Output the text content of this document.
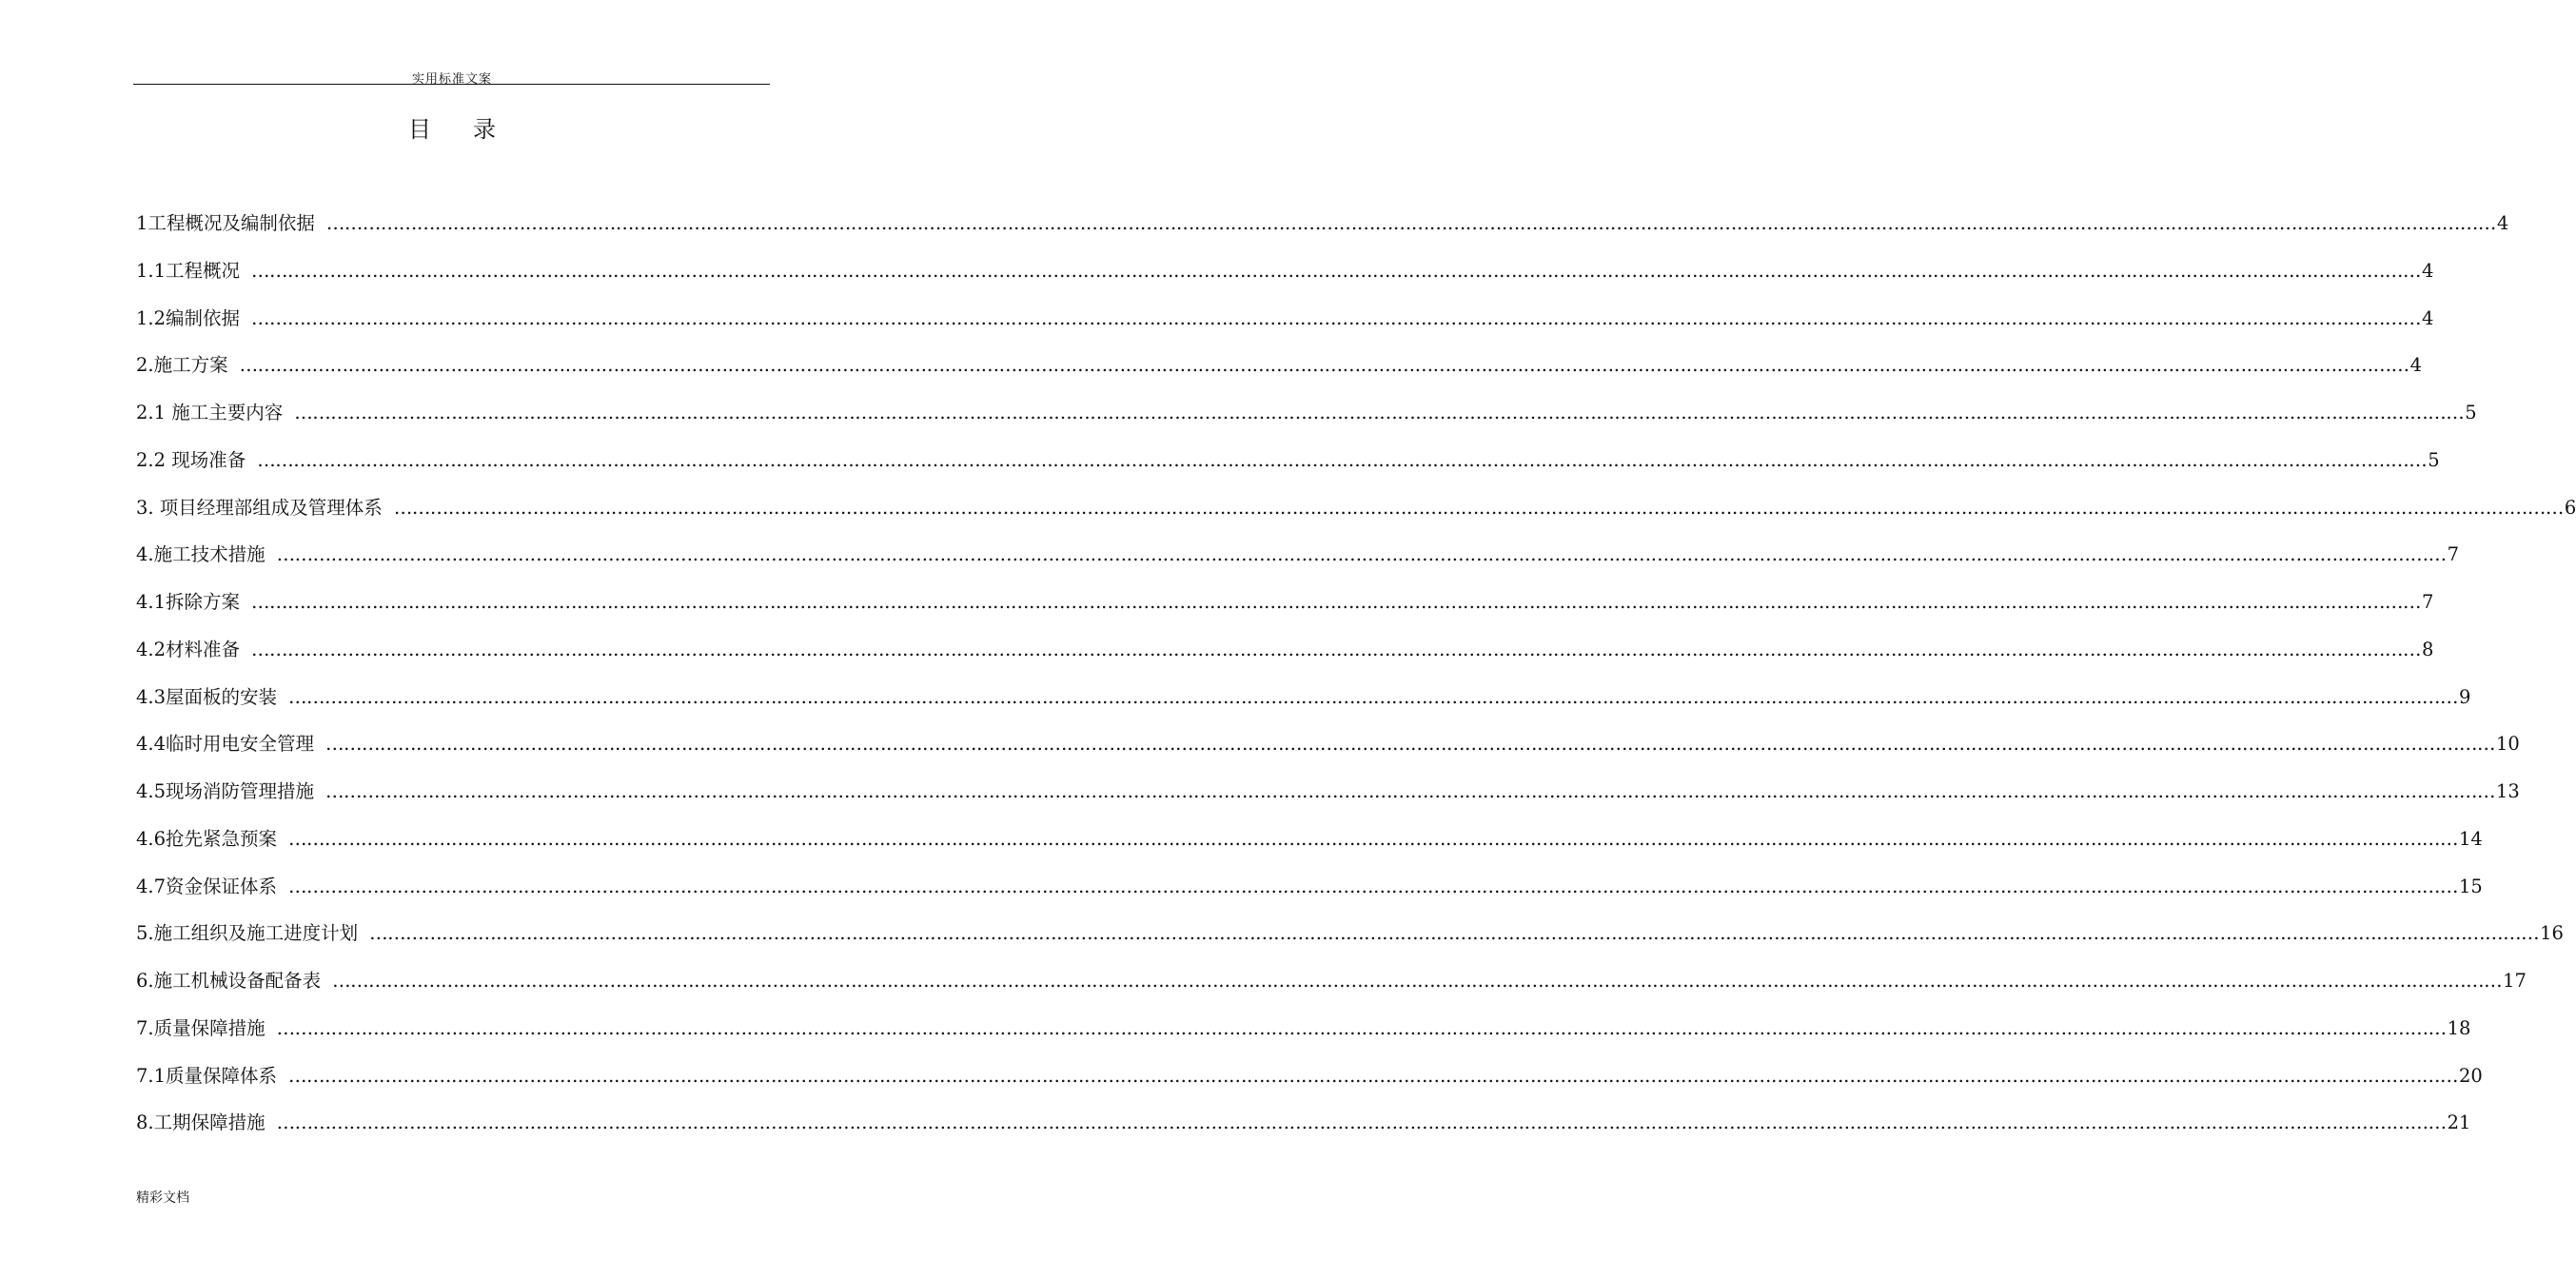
实用标准文案
目 录
1工程概况及编制依据 ……………………………………………………………………………………………………………………………………………………………………………………………………………………………………………………………………………………………………………………………… 4
1.1工程概况 ……………………………………………………………………………………………………………………………………………………………………………………………………………………………………………………………………………………………………………………………… 4
1.2编制依据 ……………………………………………………………………………………………………………………………………………………………………………………………………………………………………………………………………………………………………………………………… 4
2.施工方案 ……………………………………………………………………………………………………………………………………………………………………………………………………………………………………………………………………………………………………………………………… 4
2.1 施工主要内容 ……………………………………………………………………………………………………………………………………………………………………………………………………………………………………………………………………………………………………………………………… 5
2.2 现场准备 ……………………………………………………………………………………………………………………………………………………………………………………………………………………………………………………………………………………………………………………………… 5
3. 项目经理部组成及管理体系 ……………………………………………………………………………………………………………………………………………………………………………………………………………………………………………………………………………………………………………………………… 6
4.施工技术措施 ……………………………………………………………………………………………………………………………………………………………………………………………………………………………………………………………………………………………………………………………… 7
4.1拆除方案 ……………………………………………………………………………………………………………………………………………………………………………………………………………………………………………………………………………………………………………………………… 7
4.2材料准备 ……………………………………………………………………………………………………………………………………………………………………………………………………………………………………………………………………………………………………………………………… 8
4.3屋面板的安装 ……………………………………………………………………………………………………………………………………………………………………………………………………………………………………………………………………………………………………………………………… 9
4.4临时用电安全管理 ……………………………………………………………………………………………………………………………………………………………………………………………………………………………………………………………………………………………………………………………… 10
4.5现场消防管理措施 ……………………………………………………………………………………………………………………………………………………………………………………………………………………………………………………………………………………………………………………………… 13
4.6抢先紧急预案 ……………………………………………………………………………………………………………………………………………………………………………………………………………………………………………………………………………………………………………………………… 14
4.7资金保证体系 ……………………………………………………………………………………………………………………………………………………………………………………………………………………………………………………………………………………………………………………………… 15
5.施工组织及施工进度计划 ……………………………………………………………………………………………………………………………………………………………………………………………………………………………………………………………………………………………………………………………… 16
6.施工机械设备配备表 ……………………………………………………………………………………………………………………………………………………………………………………………………………………………………………………………………………………………………………………………… 17
7.质量保障措施 ……………………………………………………………………………………………………………………………………………………………………………………………………………………………………………………………………………………………………………………………… 18
7.1质量保障体系 ……………………………………………………………………………………………………………………………………………………………………………………………………………………………………………………………………………………………………………………………… 20
8.工期保障措施 ……………………………………………………………………………………………………………………………………………………………………………………………………………………………………………………………………………………………………………………………… 21
精彩文档
